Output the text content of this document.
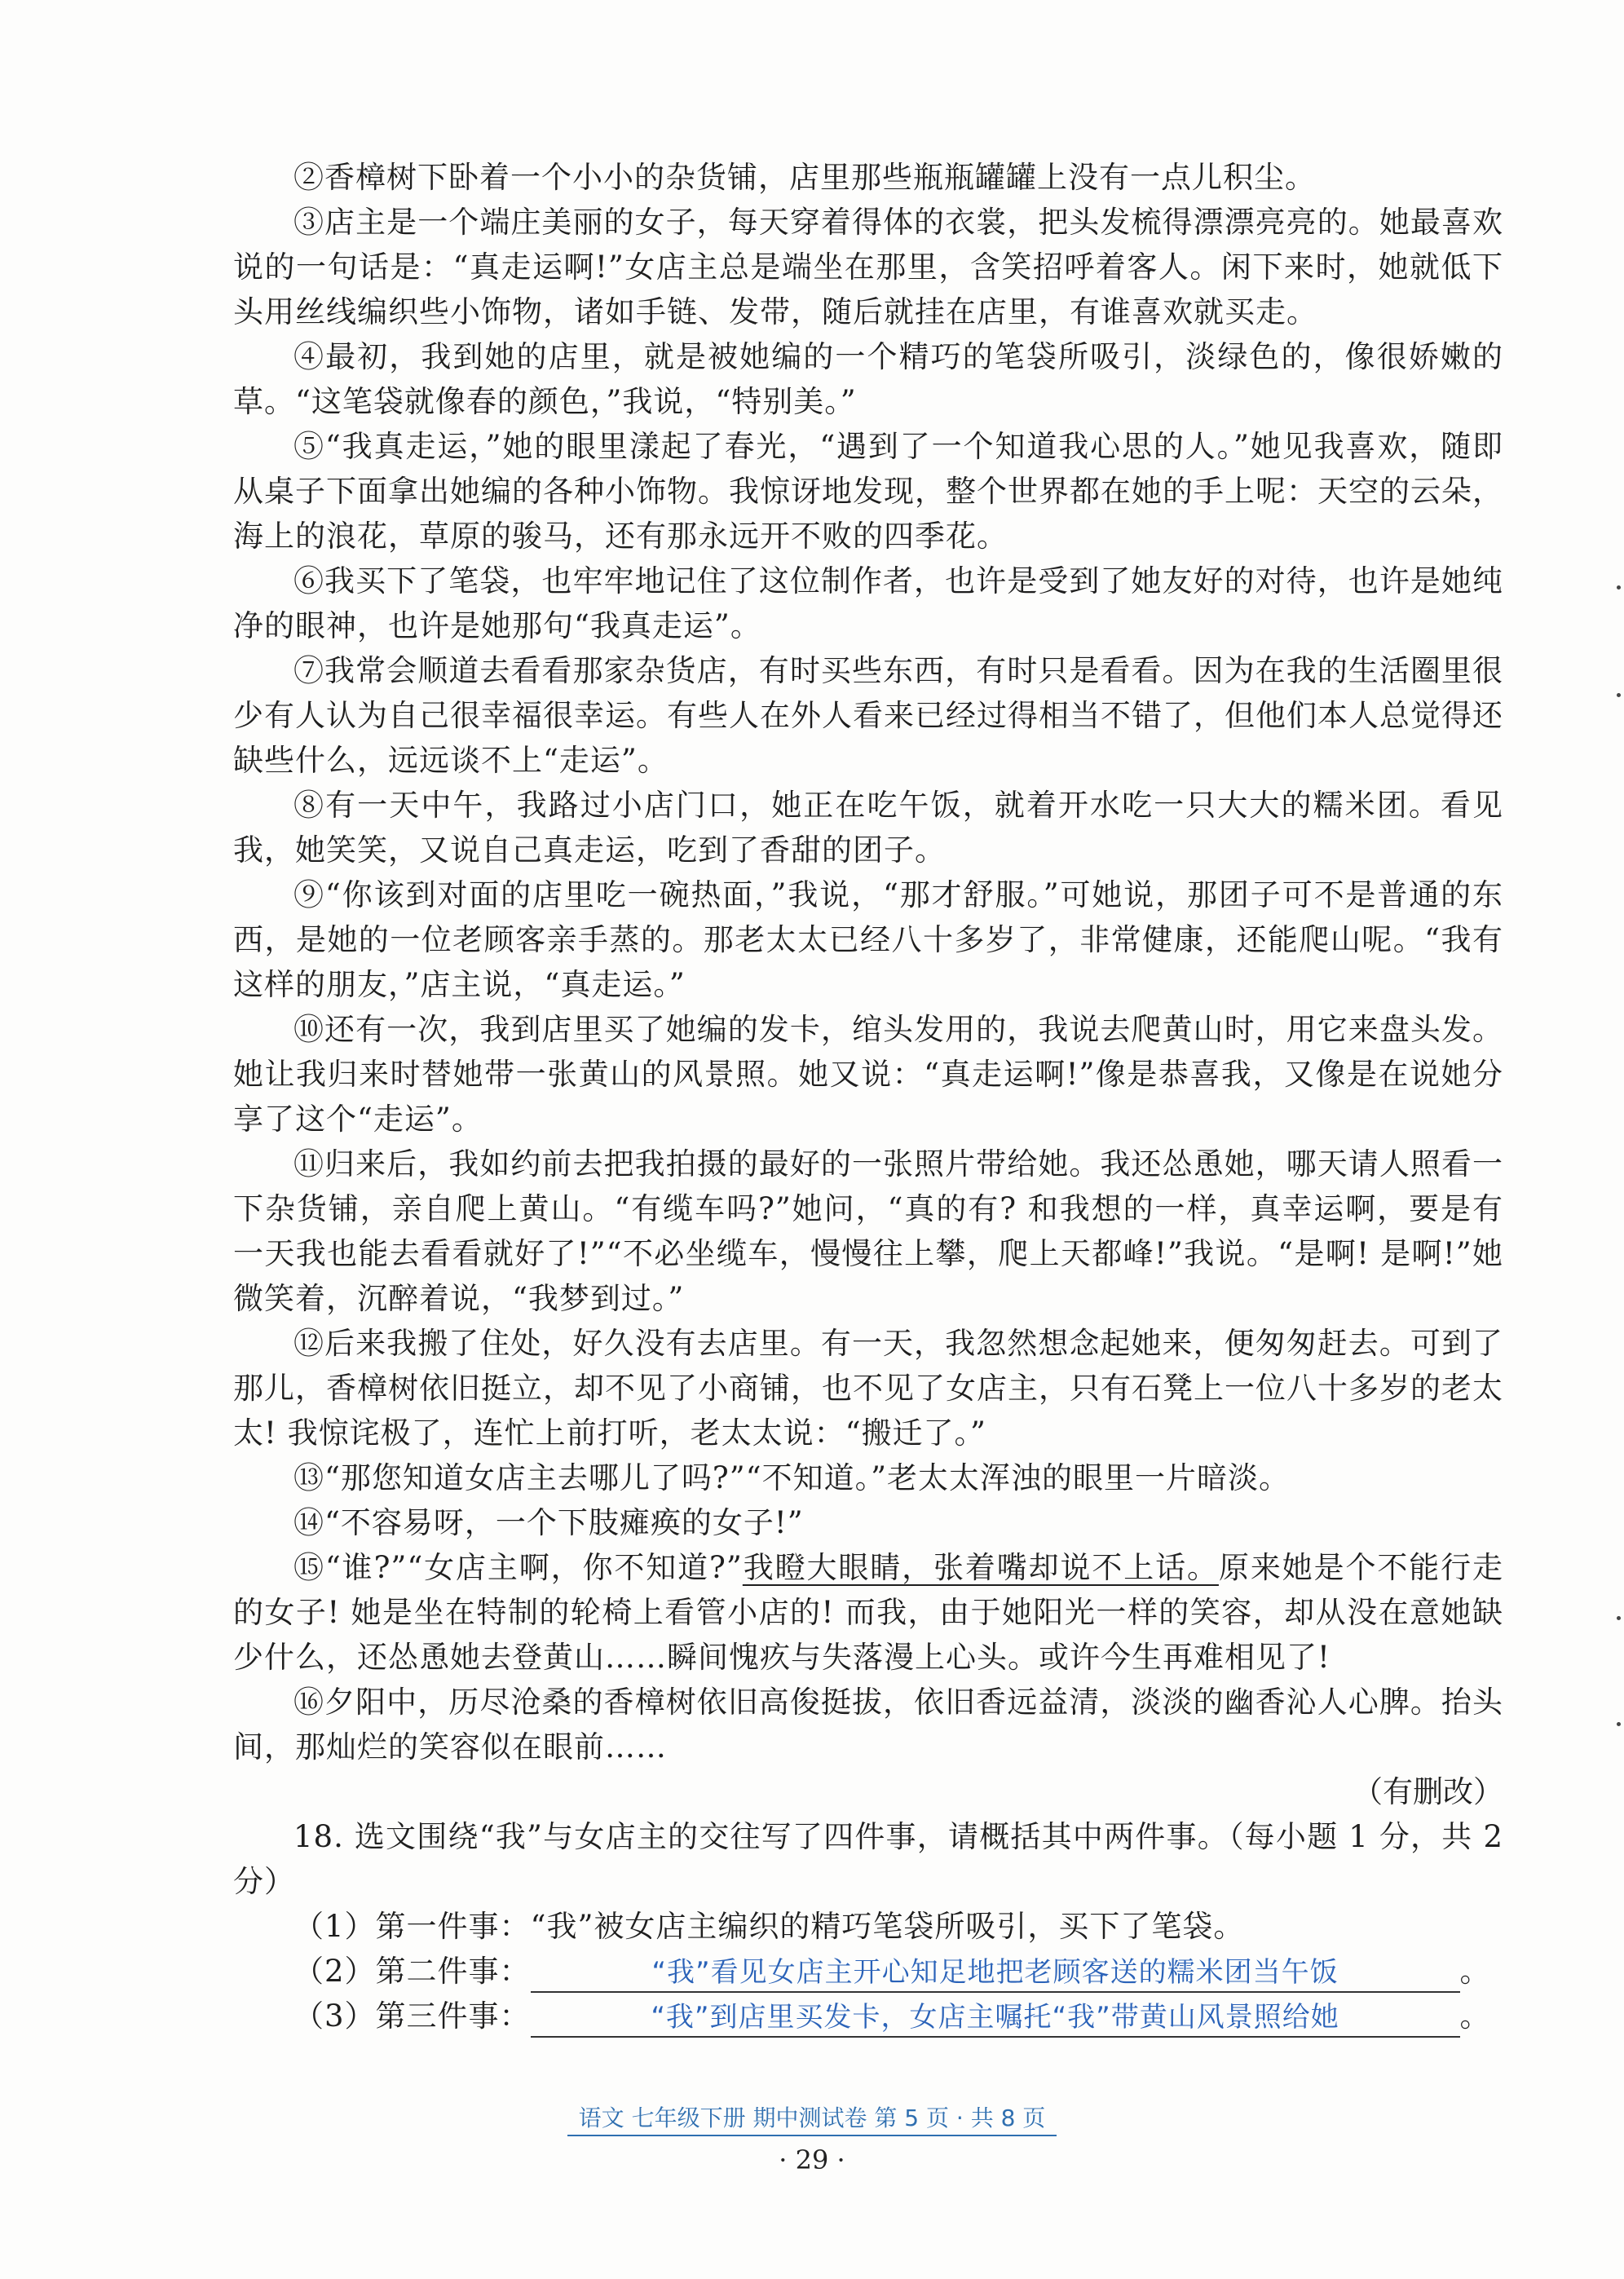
②香樟树下卧着一个小小的杂货铺，店里那些瓶瓶罐罐上没有一点儿积尘。

③店主是一个端庄美丽的女子，每天穿着得体的衣裳，把头发梳得漂漂亮亮的。她最喜欢说的一句话是：“真走运啊!”女店主总是端坐在那里，含笑招呼着客人。闲下来时，她就低下头用丝线编织些小饰物，诸如手链、发带，随后就挂在店里，有谁喜欢就买走。

④最初，我到她的店里，就是被她编的一个精巧的笔袋所吸引，淡绿色的，像很娇嫩的草。“这笔袋就像春的颜色，”我说，“特别美。”

⑤“我真走运，”她的眼里漾起了春光，“遇到了一个知道我心思的人。”她见我喜欢，随即从桌子下面拿出她编的各种小饰物。我惊讶地发现，整个世界都在她的手上呢：天空的云朵，海上的浪花，草原的骏马，还有那永远开不败的四季花。

⑥我买下了笔袋，也牢牢地记住了这位制作者，也许是受到了她友好的对待，也许是她纯净的眼神，也许是她那句“我真走运”。

⑦我常会顺道去看看那家杂货店，有时买些东西，有时只是看看。因为在我的生活圈里很少有人认为自己很幸福很幸运。有些人在外人看来已经过得相当不错了，但他们本人总觉得还缺些什么，远远谈不上“走运”。

⑧有一天中午，我路过小店门口，她正在吃午饭，就着开水吃一只大大的糯米团。看见我，她笑笑，又说自己真走运，吃到了香甜的团子。

⑨“你该到对面的店里吃一碗热面，”我说，“那才舒服。”可她说，那团子可不是普通的东西，是她的一位老顾客亲手蒸的。那老太太已经八十多岁了，非常健康，还能爬山呢。“我有这样的朋友，”店主说，“真走运。”

⑩还有一次，我到店里买了她编的发卡，绾头发用的，我说去爬黄山时，用它来盘头发。她让我归来时替她带一张黄山的风景照。她又说：“真走运啊!”像是恭喜我，又像是在说她分享了这个“走运”。

⑪归来后，我如约前去把我拍摄的最好的一张照片带给她。我还怂恿她，哪天请人照看一下杂货铺，亲自爬上黄山。“有缆车吗?”她问，“真的有? 和我想的一样，真幸运啊，要是有一天我也能去看看就好了!”“不必坐缆车，慢慢往上攀，爬上天都峰!”我说。“是啊! 是啊!”她微笑着，沉醉着说，“我梦到过。”

⑫后来我搬了住处，好久没有去店里。有一天，我忽然想念起她来，便匆匆赶去。可到了那儿，香樟树依旧挺立，却不见了小商铺，也不见了女店主，只有石凳上一位八十多岁的老太太! 我惊诧极了，连忙上前打听，老太太说：“搬迁了。”

⑬“那您知道女店主去哪儿了吗?”“不知道。”老太太浑浊的眼里一片暗淡。

⑭“不容易呀，一个下肢瘫痪的女子!”

⑮“谁?”“女店主啊，你不知道?”我瞪大眼睛，张着嘴却说不上话。原来她是个不能行走的女子! 她是坐在特制的轮椅上看管小店的! 而我，由于她阳光一样的笑容，却从没在意她缺少什么，还怂恿她去登黄山……瞬间愧疚与失落漫上心头。或许今生再难相见了!

⑯夕阳中，历尽沧桑的香樟树依旧高俊挺拔，依旧香远益清，淡淡的幽香沁人心脾。抬头间，那灿烂的笑容似在眼前……

（有删改）

18. 选文围绕“我”与女店主的交往写了四件事，请概括其中两件事。（每小题 1 分，共 2 分）

（1）第一件事：“我”被女店主编织的精巧笔袋所吸引，买下了笔袋。

（2）第二件事：	“我”看见女店主开心知足地把老顾客送的糯米团当午饭	。

（3）第三件事：	“我”到店里买发卡，女店主嘱托“我”带黄山风景照给她	。

语文 七年级下册 期中测试卷 第 5 页 · 共 8 页
· 29 ·
